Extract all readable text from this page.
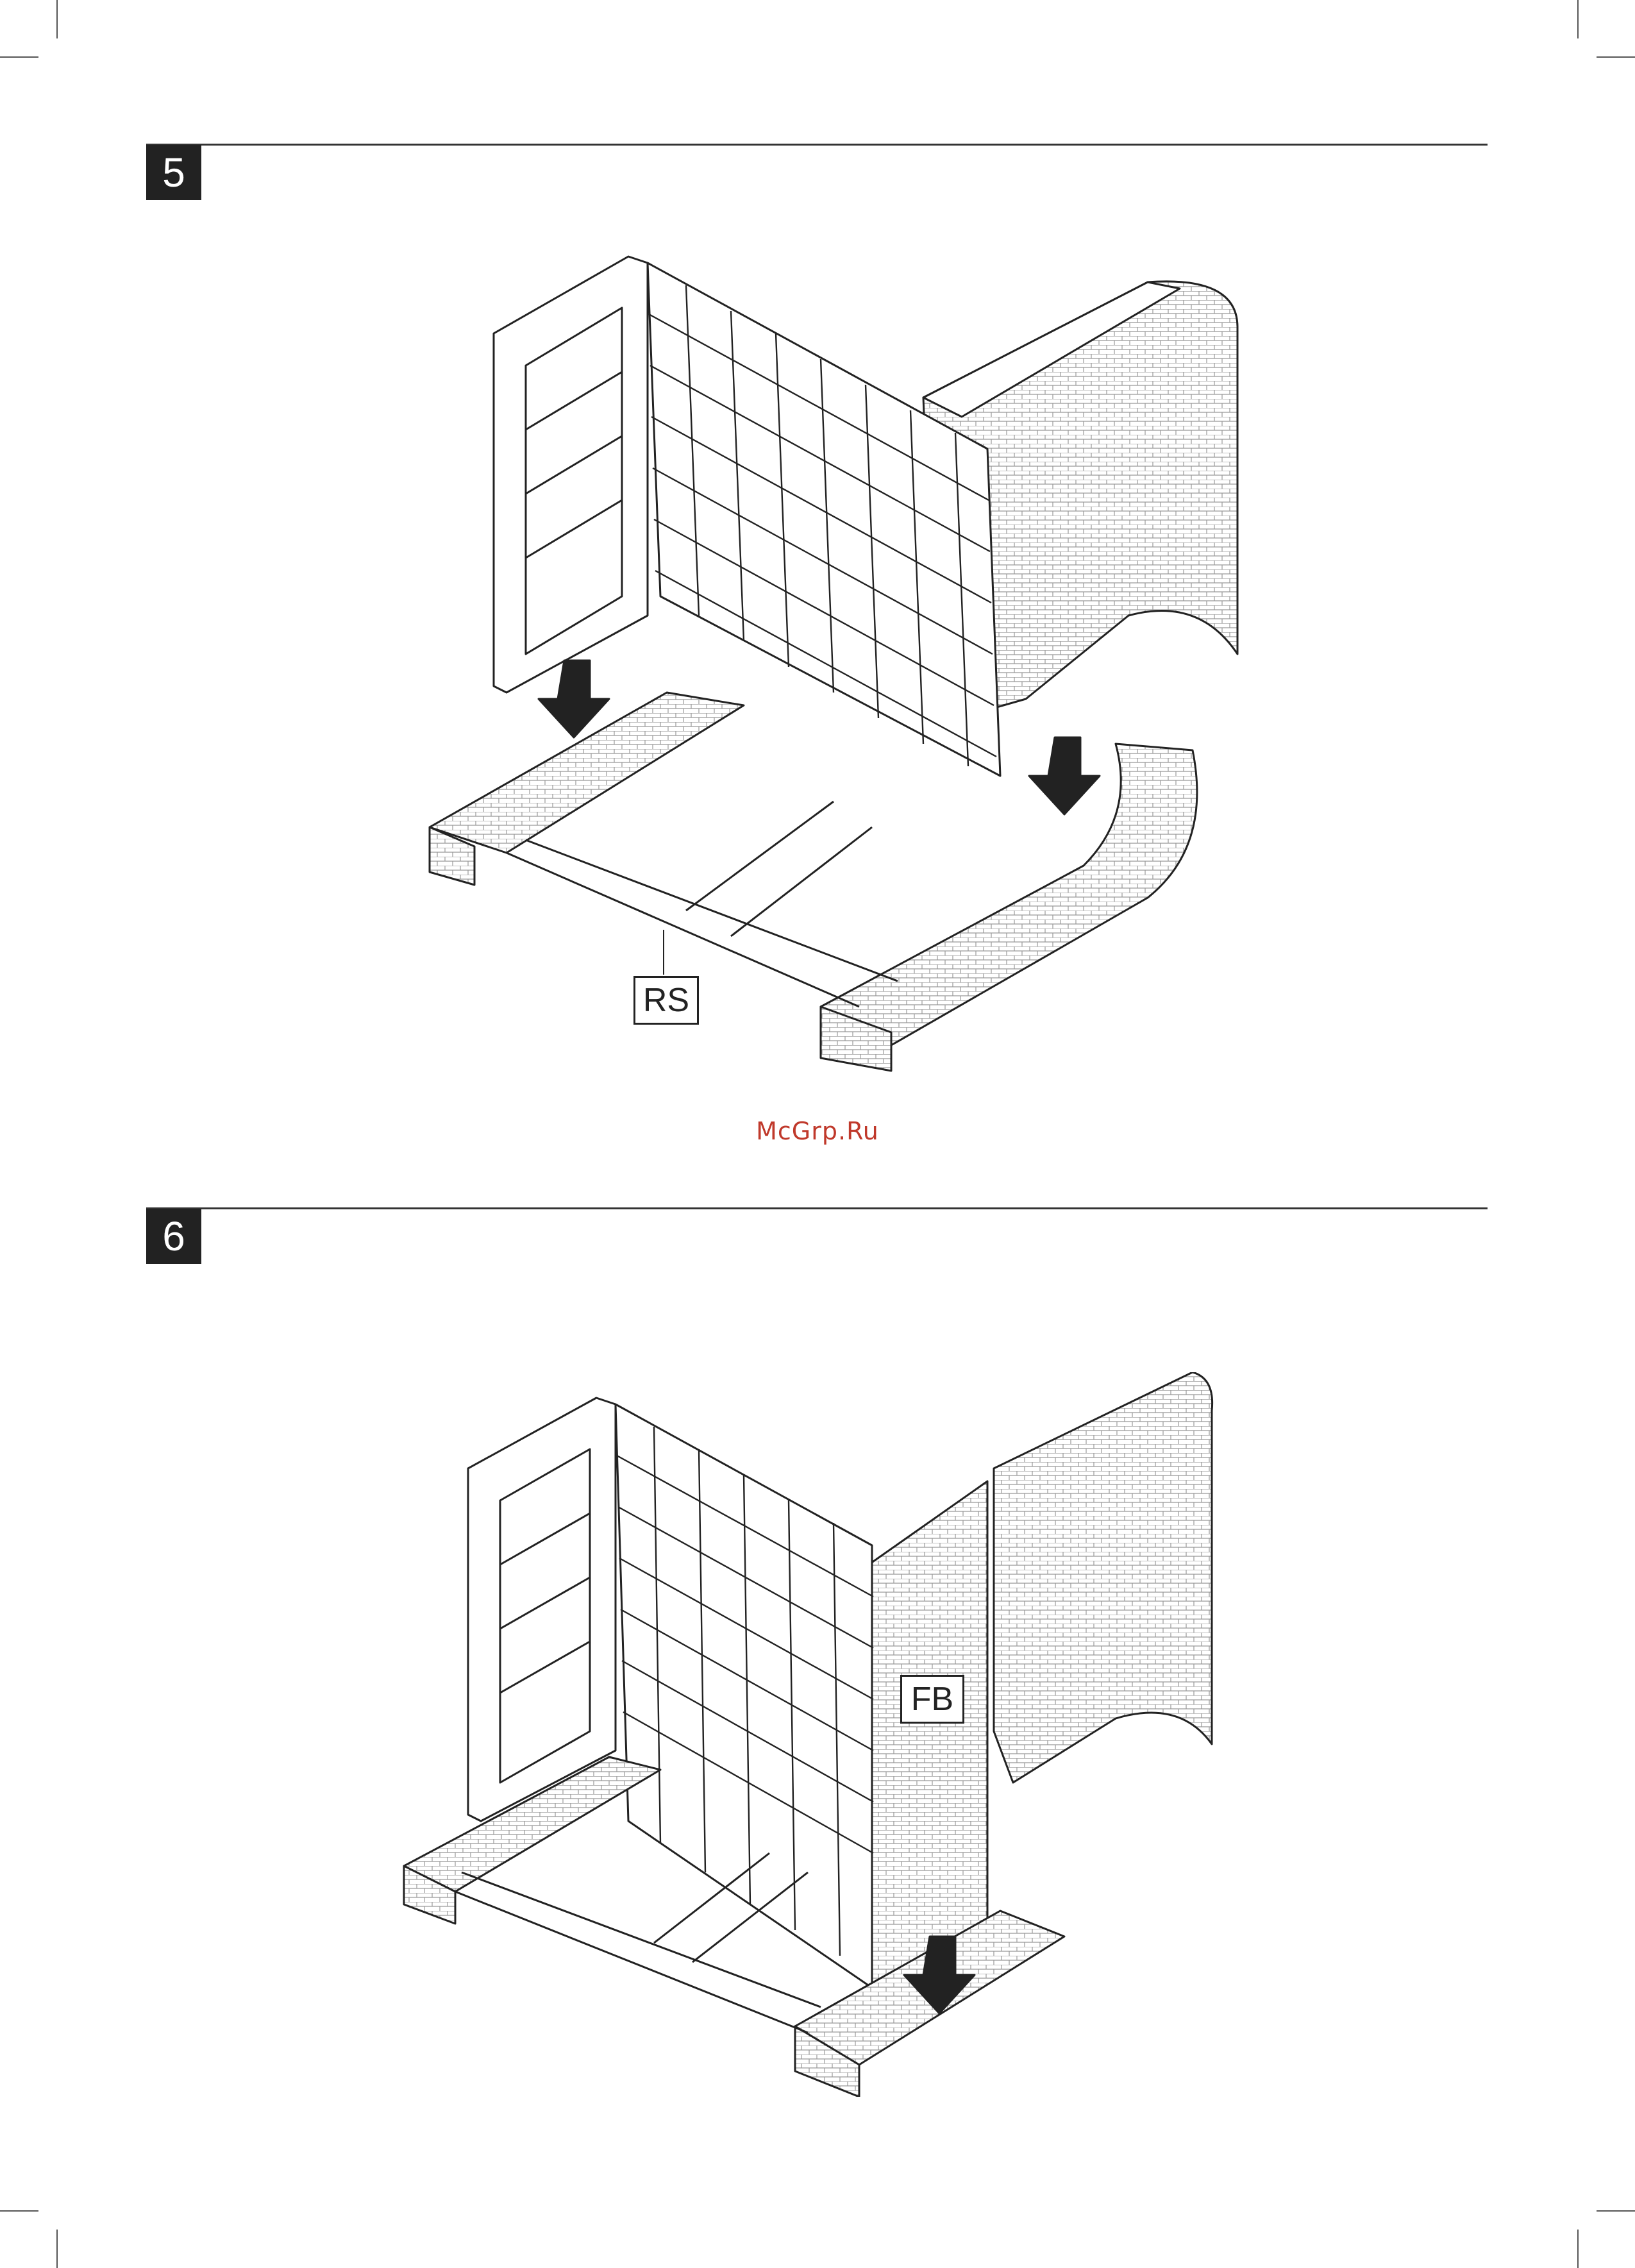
5
RS
McGrp.Ru
6
FB
